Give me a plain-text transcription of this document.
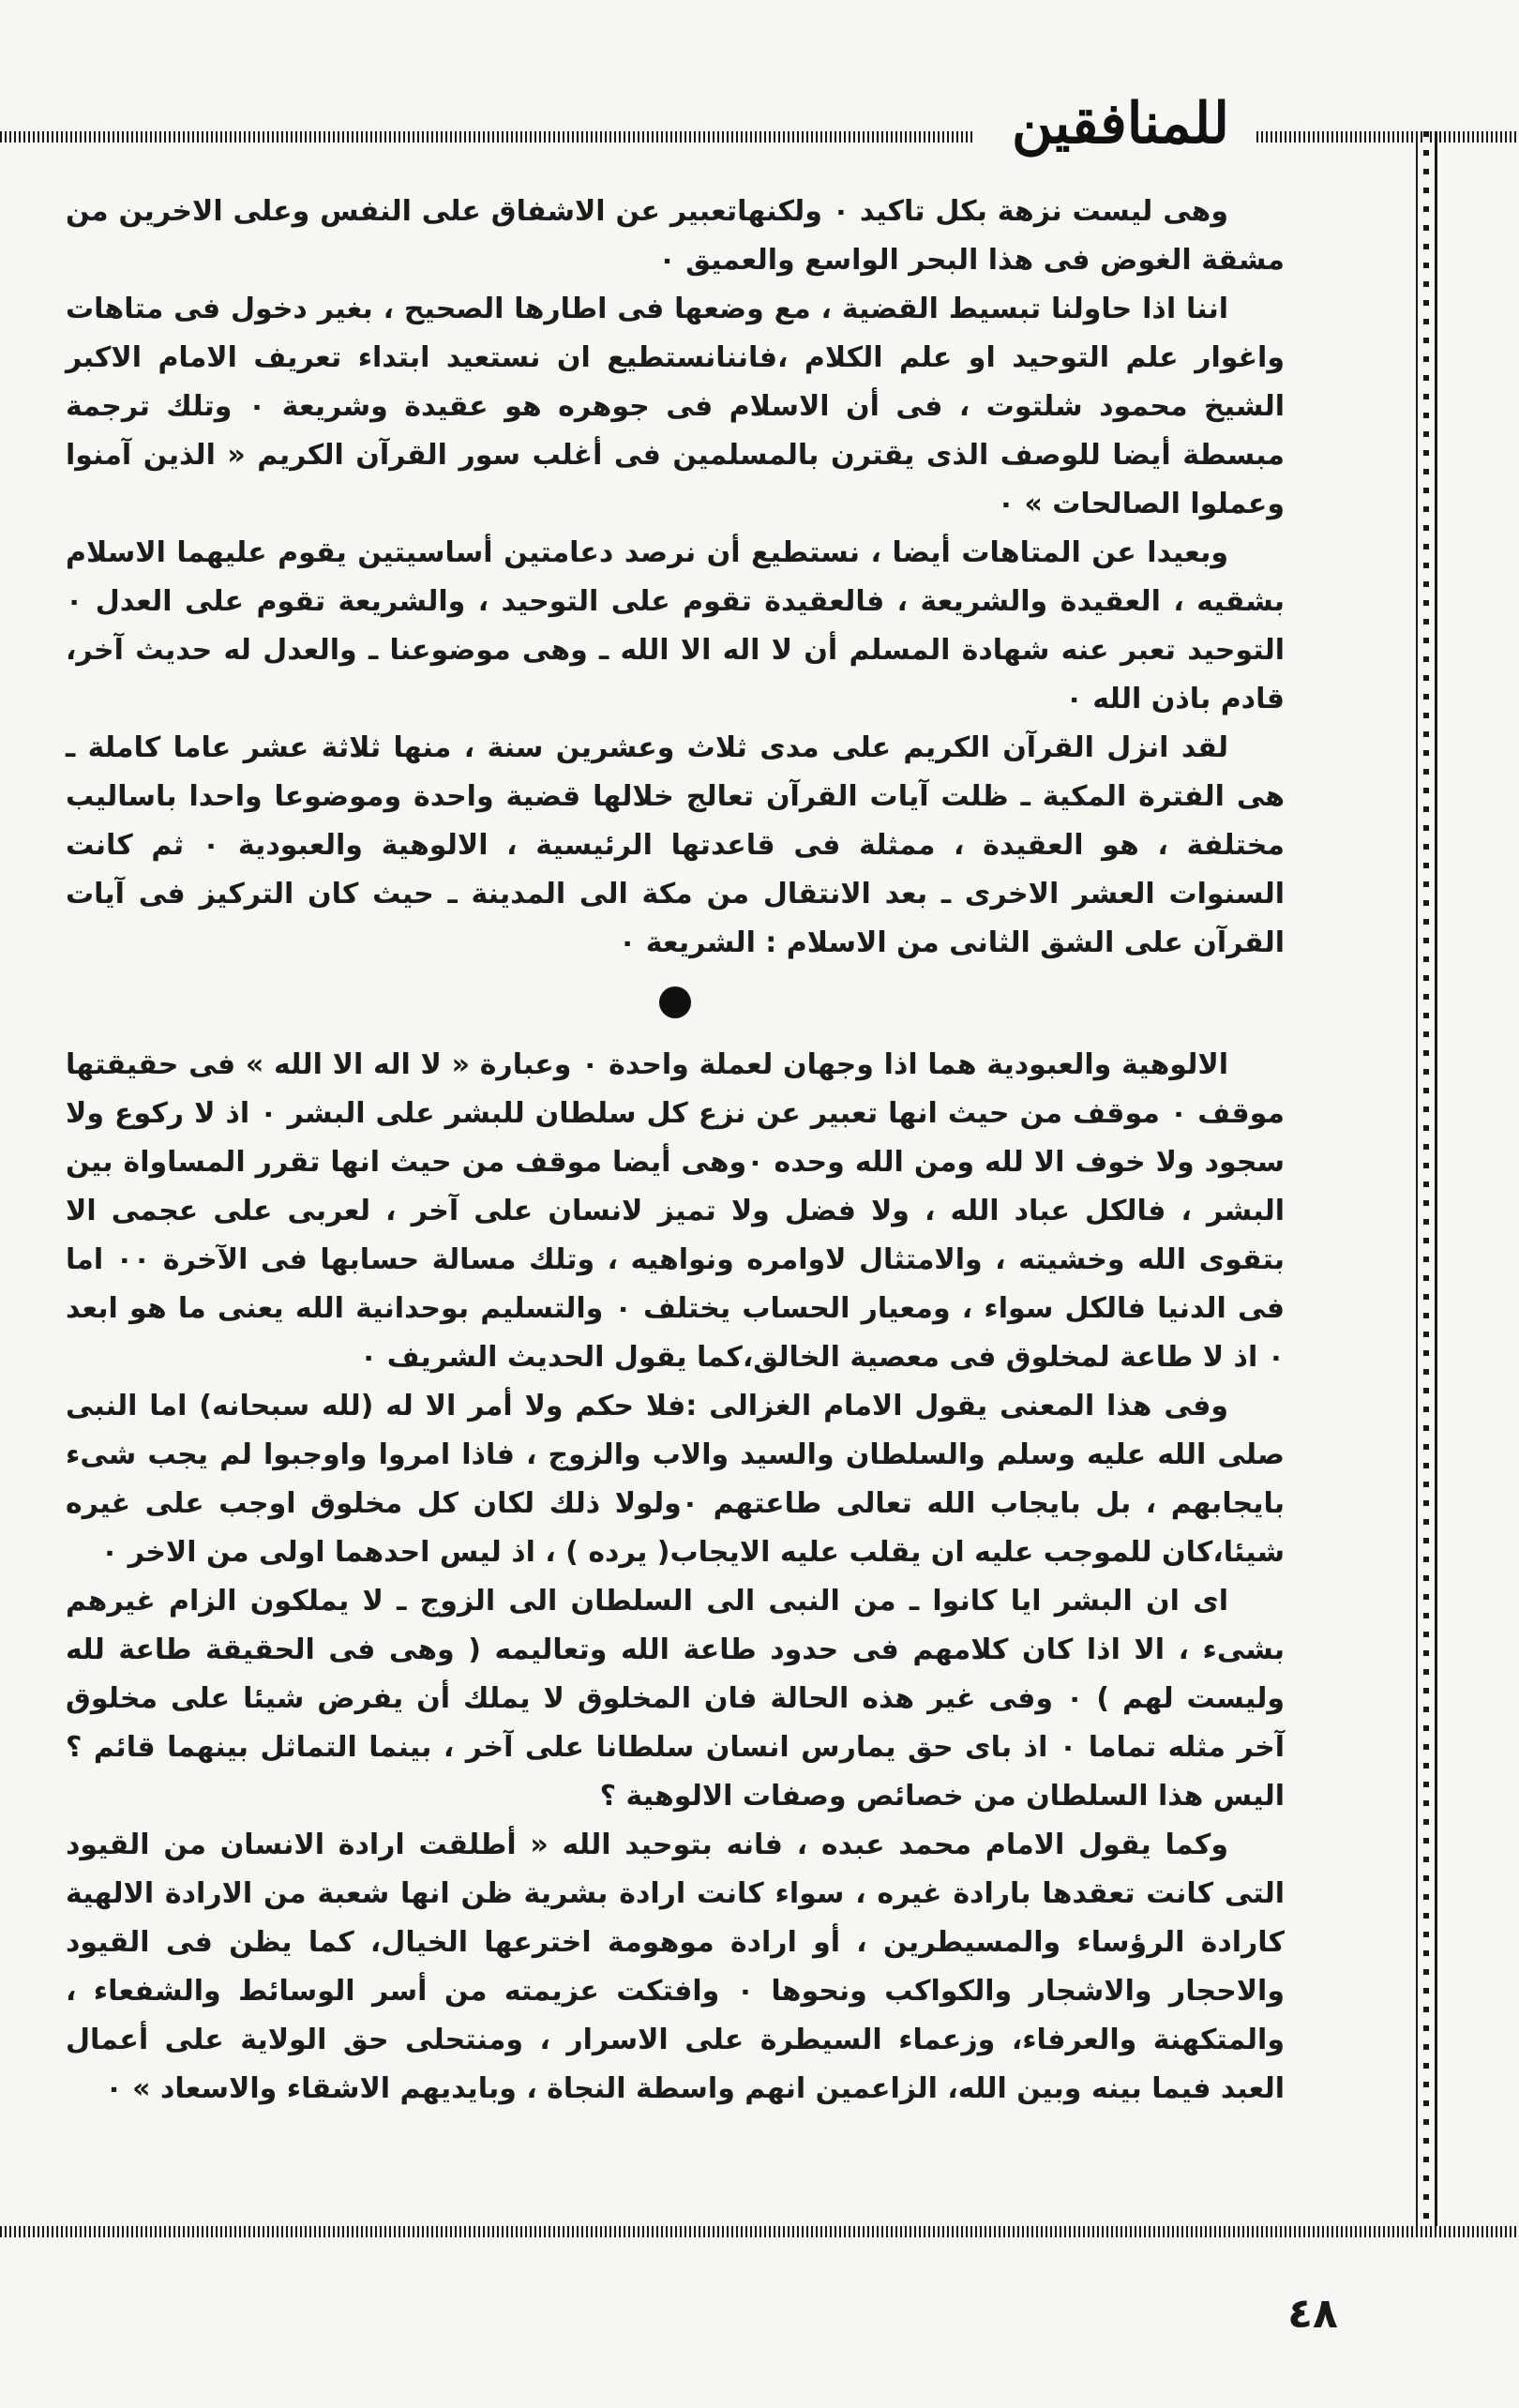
للمنافقين

وهى ليست نزهة بكل تاكيد ٠ ولكنهاتعبير عن الاشفاق على النفس وعلى الاخرين من مشقة الغوض فى هذا البحر الواسع والعميق ٠

اننا اذا حاولنا تبسيط القضية ، مع وضعها فى اطارها الصحيح ، بغير دخول فى متاهات واغوار علم التوحيد او علم الكلام ،فاننانستطيع ان نستعيد ابتداء تعريف الامام الاكبر الشيخ محمود شلتوت ، فى أن الاسلام فى جوهره هو عقيدة وشريعة ٠ وتلك ترجمة مبسطة أيضا للوصف الذى يقترن بالمسلمين فى أغلب سور القرآن الكريم « الذين آمنوا وعملوا الصالحات » ٠

وبعيدا عن المتاهات أيضا ، نستطيع أن نرصد دعامتين أساسيتين يقوم عليهما الاسلام بشقيه ، العقيدة والشريعة ، فالعقيدة تقوم على التوحيد ، والشريعة تقوم على العدل ٠ التوحيد تعبر عنه شهادة المسلم أن لا اله الا الله ـ وهى موضوعنا ـ والعدل له حديث آخر، قادم باذن الله ٠

لقد انزل القرآن الكريم على مدى ثلاث وعشرين سنة ، منها ثلاثة عشر عاما كاملة ـ هى الفترة المكية ـ ظلت آيات القرآن تعالج خلالها قضية واحدة وموضوعا واحدا باساليب مختلفة ، هو العقيدة ، ممثلة فى قاعدتها الرئيسية ، الالوهية والعبودية ٠ ثم كانت السنوات العشر الاخرى ـ بعد الانتقال من مكة الى المدينة ـ حيث كان التركيز فى آيات القرآن على الشق الثانى من الاسلام : الشريعة ٠

الالوهية والعبودية هما اذا وجهان لعملة واحدة ٠ وعبارة « لا اله الا الله » فى حقيقتها موقف ٠ موقف من حيث انها تعبير عن نزع كل سلطان للبشر على البشر ٠ اذ لا ركوع ولا سجود ولا خوف الا لله ومن الله وحده ٠وهى أيضا موقف من حيث انها تقرر المساواة بين البشر ، فالكل عباد الله ، ولا فضل ولا تميز لانسان على آخر ، لعربى على عجمى الا بتقوى الله وخشيته ، والامتثال لاوامره ونواهيه ، وتلك مسالة حسابها فى الآخرة ٠٠ اما فى الدنيا فالكل سواء ، ومعيار الحساب يختلف ٠ والتسليم بوحدانية الله يعنى ما هو ابعد ٠ اذ لا طاعة لمخلوق فى معصية الخالق،كما يقول الحديث الشريف ٠

وفى هذا المعنى يقول الامام الغزالى :فلا حكم ولا أمر الا له (لله سبحانه) اما النبى صلى الله عليه وسلم والسلطان والسيد والاب والزوج ، فاذا امروا واوجبوا لم يجب شىء بايجابهم ، بل بايجاب الله تعالى طاعتهم ٠ولولا ذلك لكان كل مخلوق اوجب على غيره شيئا،كان للموجب عليه ان يقلب عليه الايجاب( يرده ) ، اذ ليس احدهما اولى من الاخر ٠

اى ان البشر ايا كانوا ـ من النبى الى السلطان الى الزوج ـ لا يملكون الزام غيرهم بشىء ، الا اذا كان كلامهم فى حدود طاعة الله وتعاليمه ( وهى فى الحقيقة طاعة لله وليست لهم ) ٠ وفى غير هذه الحالة فان المخلوق لا يملك أن يفرض شيئا على مخلوق آخر مثله تماما ٠ اذ باى حق يمارس انسان سلطانا على آخر ، بينما التماثل بينهما قائم ؟ اليس هذا السلطان من خصائص وصفات الالوهية ؟

وكما يقول الامام محمد عبده ، فانه بتوحيد الله « أطلقت ارادة الانسان من القيود التى كانت تعقدها بارادة غيره ، سواء كانت ارادة بشرية ظن انها شعبة من الارادة الالهية كارادة الرؤساء والمسيطرين ، أو ارادة موهومة اخترعها الخيال، كما يظن فى القيود والاحجار والاشجار والكواكب ونحوها ٠ وافتكت عزيمته من أسر الوسائط والشفعاء ، والمتكهنة والعرفاء، وزعماء السيطرة على الاسرار ، ومنتحلى حق الولاية على أعمال العبد فيما بينه وبين الله، الزاعمين انهم واسطة النجاة ، وبايديهم الاشقاء والاسعاد » ٠

٤٨
